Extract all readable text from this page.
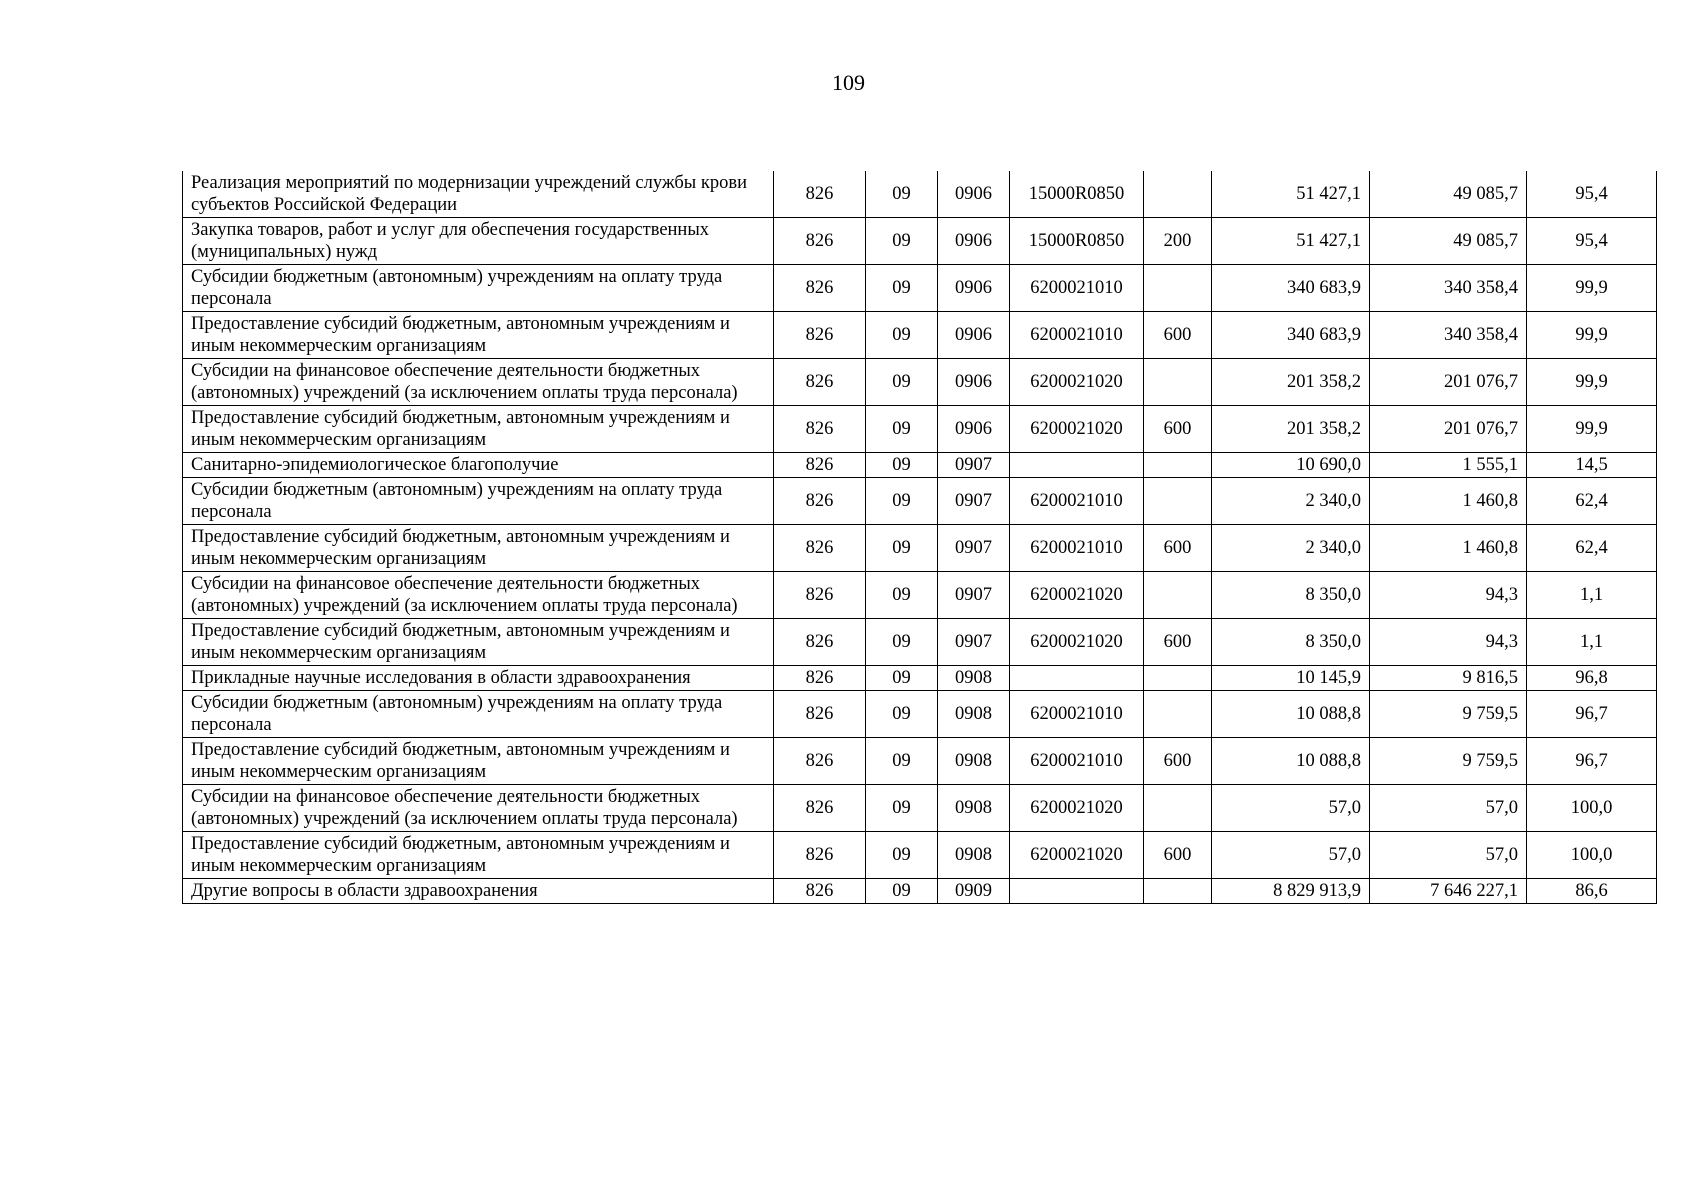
109
Реализация мероприятий по модернизации учреждений службы крови субъектов Российской Федерации	826	09	0906	15000R0850		51 427,1	49 085,7	95,4
Закупка товаров, работ и услуг для обеспечения государственных (муниципальных) нужд	826	09	0906	15000R0850	200	51 427,1	49 085,7	95,4
Субсидии бюджетным (автономным) учреждениям на оплату труда персонала	826	09	0906	6200021010		340 683,9	340 358,4	99,9
Предоставление субсидий бюджетным, автономным учреждениям и иным некоммерческим организациям	826	09	0906	6200021010	600	340 683,9	340 358,4	99,9
Субсидии на финансовое обеспечение деятельности бюджетных (автономных) учреждений (за исключением оплаты труда персонала)	826	09	0906	6200021020		201 358,2	201 076,7	99,9
Предоставление субсидий бюджетным, автономным учреждениям и иным некоммерческим организациям	826	09	0906	6200021020	600	201 358,2	201 076,7	99,9
Санитарно-эпидемиологическое благополучие	826	09	0907			10 690,0	1 555,1	14,5
Субсидии бюджетным (автономным) учреждениям на оплату труда персонала	826	09	0907	6200021010		2 340,0	1 460,8	62,4
Предоставление субсидий бюджетным, автономным учреждениям и иным некоммерческим организациям	826	09	0907	6200021010	600	2 340,0	1 460,8	62,4
Субсидии на финансовое обеспечение деятельности бюджетных (автономных) учреждений (за исключением оплаты труда персонала)	826	09	0907	6200021020		8 350,0	94,3	1,1
Предоставление субсидий бюджетным, автономным учреждениям и иным некоммерческим организациям	826	09	0907	6200021020	600	8 350,0	94,3	1,1
Прикладные научные исследования в области здравоохранения	826	09	0908			10 145,9	9 816,5	96,8
Субсидии бюджетным (автономным) учреждениям на оплату труда персонала	826	09	0908	6200021010		10 088,8	9 759,5	96,7
Предоставление субсидий бюджетным, автономным учреждениям и иным некоммерческим организациям	826	09	0908	6200021010	600	10 088,8	9 759,5	96,7
Субсидии на финансовое обеспечение деятельности бюджетных (автономных) учреждений (за исключением оплаты труда персонала)	826	09	0908	6200021020		57,0	57,0	100,0
Предоставление субсидий бюджетным, автономным учреждениям и иным некоммерческим организациям	826	09	0908	6200021020	600	57,0	57,0	100,0
Другие вопросы в области здравоохранения	826	09	0909			8 829 913,9	7 646 227,1	86,6
